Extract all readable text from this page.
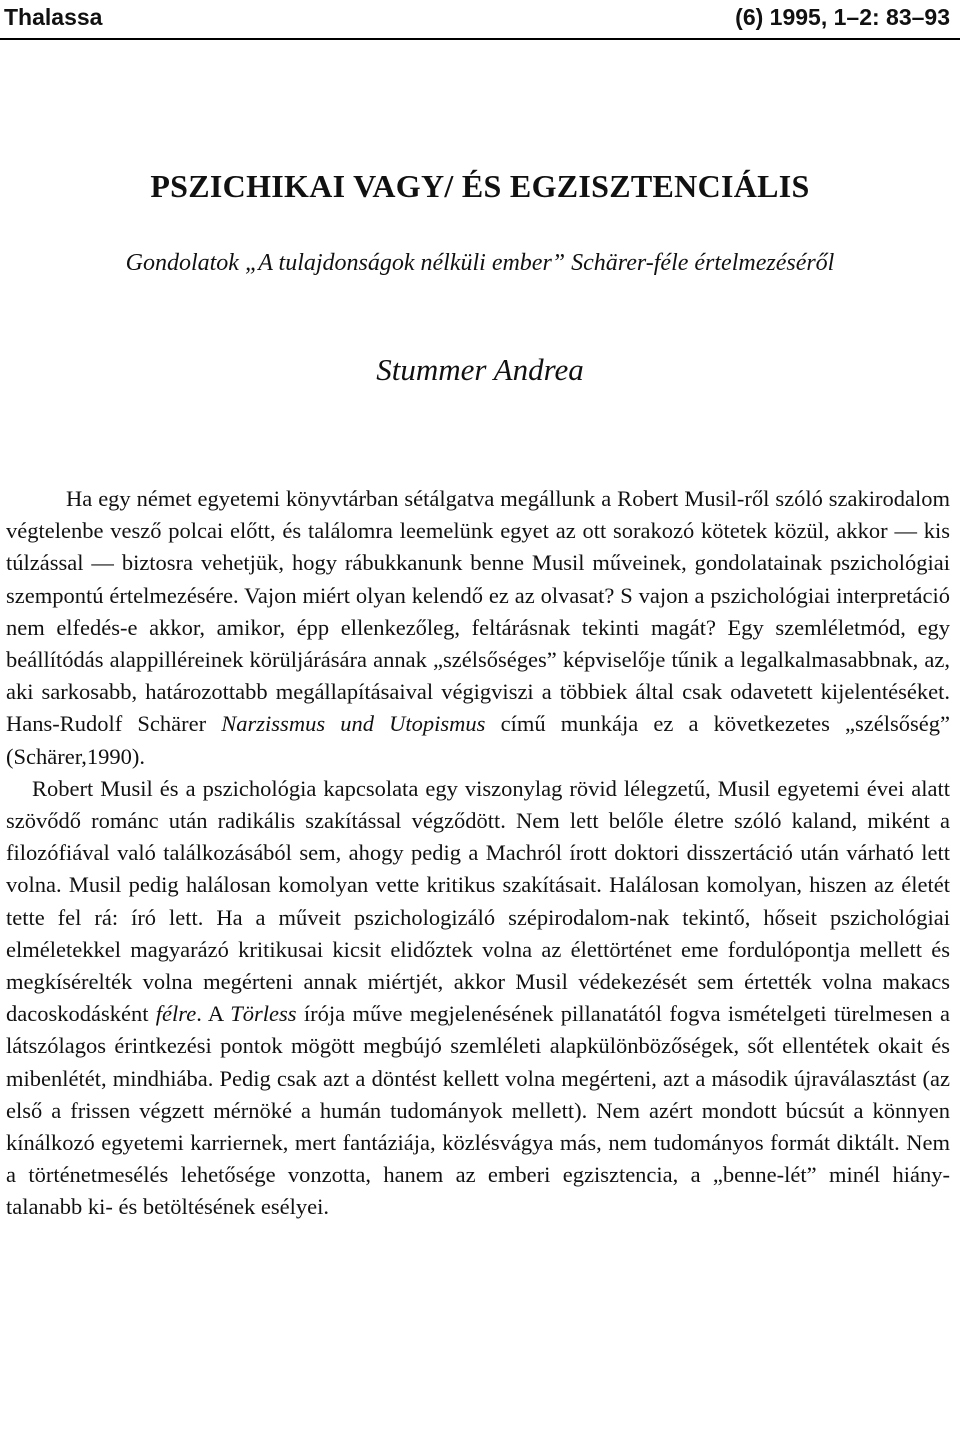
Thalassa	(6) 1995, 1–2: 83–93
PSZICHIKAI VAGY/ ÉS EGZISZTENCIÁLIS
Gondolatok „A tulajdonságok nélküli ember” Schärer-féle értelmezéséről
Stummer Andrea

Ha egy német egyetemi könyvtárban sétálgatva megállunk a Robert Musil-ről szóló szakirodalom végtelenbe vesző polcai előtt, és találomra leemelünk egyet az ott sorakozó kötetek közül, akkor — kis túlzással — biztosra vehetjük, hogy rábukkanunk benne Musil műveinek, gondolatainak pszichológiai szempontú értelmezésére. Vajon miért olyan kelendő ez az olvasat? S vajon a pszichológiai interpretáció nem elfedés-e akkor, amikor, épp ellenkezőleg, feltárásnak tekinti magát? Egy szemléletmód, egy beállítódás alappilléreinek körüljárására annak „szélsőséges” képviselője tűnik a legalkalmasabbnak, az, aki sarkosabb, határozottabb megállapításaival végigviszi a többiek által csak odavetett kijelentéséket. Hans-Rudolf Schärer Narzissmus und Utopismus című munkája ez a következetes „szélsőség” (Schärer,1990).

Robert Musil és a pszichológia kapcsolata egy viszonylag rövid lélegzetű, Musil egyetemi évei alatt szövődő románc után radikális szakítással végződött. Nem lett belőle életre szóló kaland, miként a filozófiával való találkozásából sem, ahogy pedig a Machról írott doktori disszertáció után várható lett volna. Musil pedig halálosan komolyan vette kritikus szakításait. Halálosan komolyan, hiszen az életét tette fel rá: író lett. Ha a műveit pszichologizáló szépirodalom-nak tekintő, hőseit pszichológiai elméletekkel magyarázó kritikusai kicsit elidőztek volna az élettörténet eme fordulópontja mellett és megkísérelték volna megérteni annak miértjét, akkor Musil védekezését sem értették volna makacs dacoskodásként félre. A Törless írója műve megjelenésének pillanatától fogva ismételgeti türelmesen a látszólagos érintkezési pontok mögött megbújó szemléleti alapkülönbözőségek, sőt ellentétek okait és mibenlétét, mindhiába. Pedig csak azt a döntést kellett volna megérteni, azt a második újraválasztást (az első a frissen végzett mérnöké a humán tudományok mellett). Nem azért mondott búcsút a könnyen kínálkozó egyetemi karriernek, mert fantáziája, közlésvágya más, nem tudományos formát diktált. Nem a történetmesélés lehetősége vonzotta, hanem az emberi egzisztencia, a „benne-lét” minél hiány-talanabb ki- és betöltésének esélyei.
